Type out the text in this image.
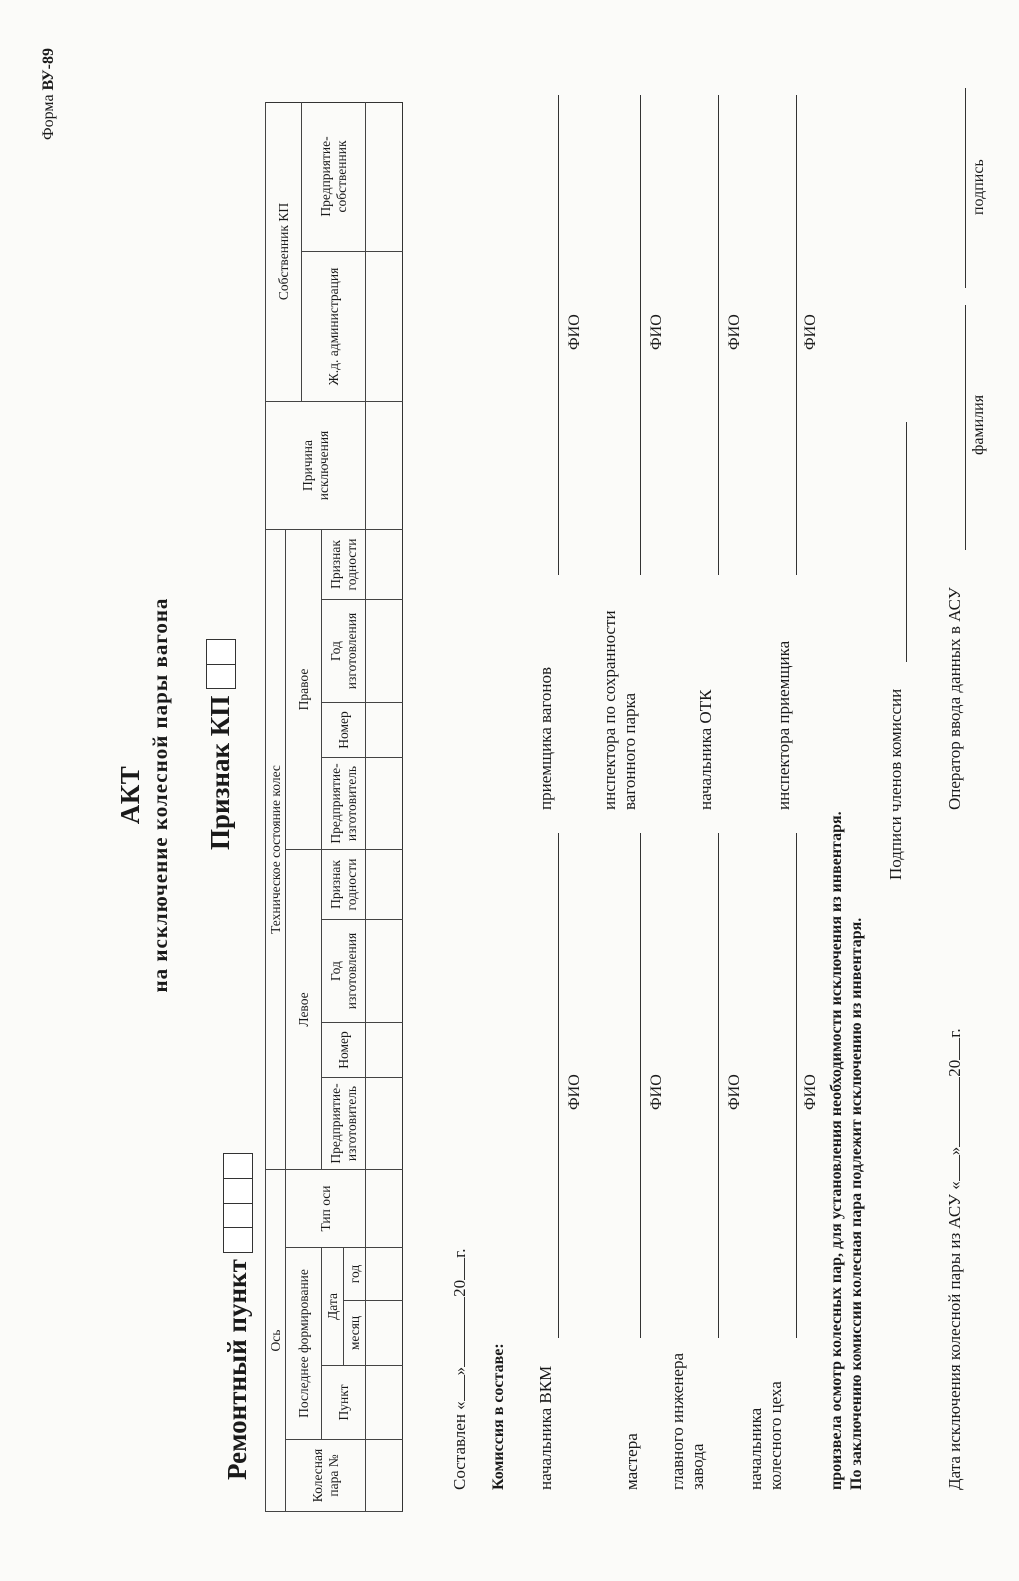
Форма ВУ-89
АКТ на исключение колесной пары вагона
Ремонтный пункт
Признак КП
Ось
Колесная пара №
Последнее формирование	Пункт
Дата
месяц
год
Тип оси
Техническое состояние колес
Левое
Правое
Предприятие-изготовитель
Номер
Год изготовления
Признак годности
Предприятие-изготовитель
Номер
Год изготовления
Признак годности
Причина исключения
Собственник КП
Ж.д. администрация
Предприятие-собственник
Составлен «»20г.
Комиссия в составе: начальника ВКМ
ФИО
мастера
ФИО
главного инженера завода
ФИО
начальника колесного цеха
ФИО
приемщика вагонов
ФИО
инспектора по сохранности вагонного парка
ФИО
начальника ОТК
ФИО
инспектора приемщика
ФИО
произвела осмотр колесных пар, для установления необходимости исключения из инвентаря. По заключению комиссии колесная пара подлежит исключению из инвентаря.
Подписи членов комиссии
Дата исключения колесной пары из АСУ «»20г.
Оператор ввода данных в АСУ
фамилия
подпись
